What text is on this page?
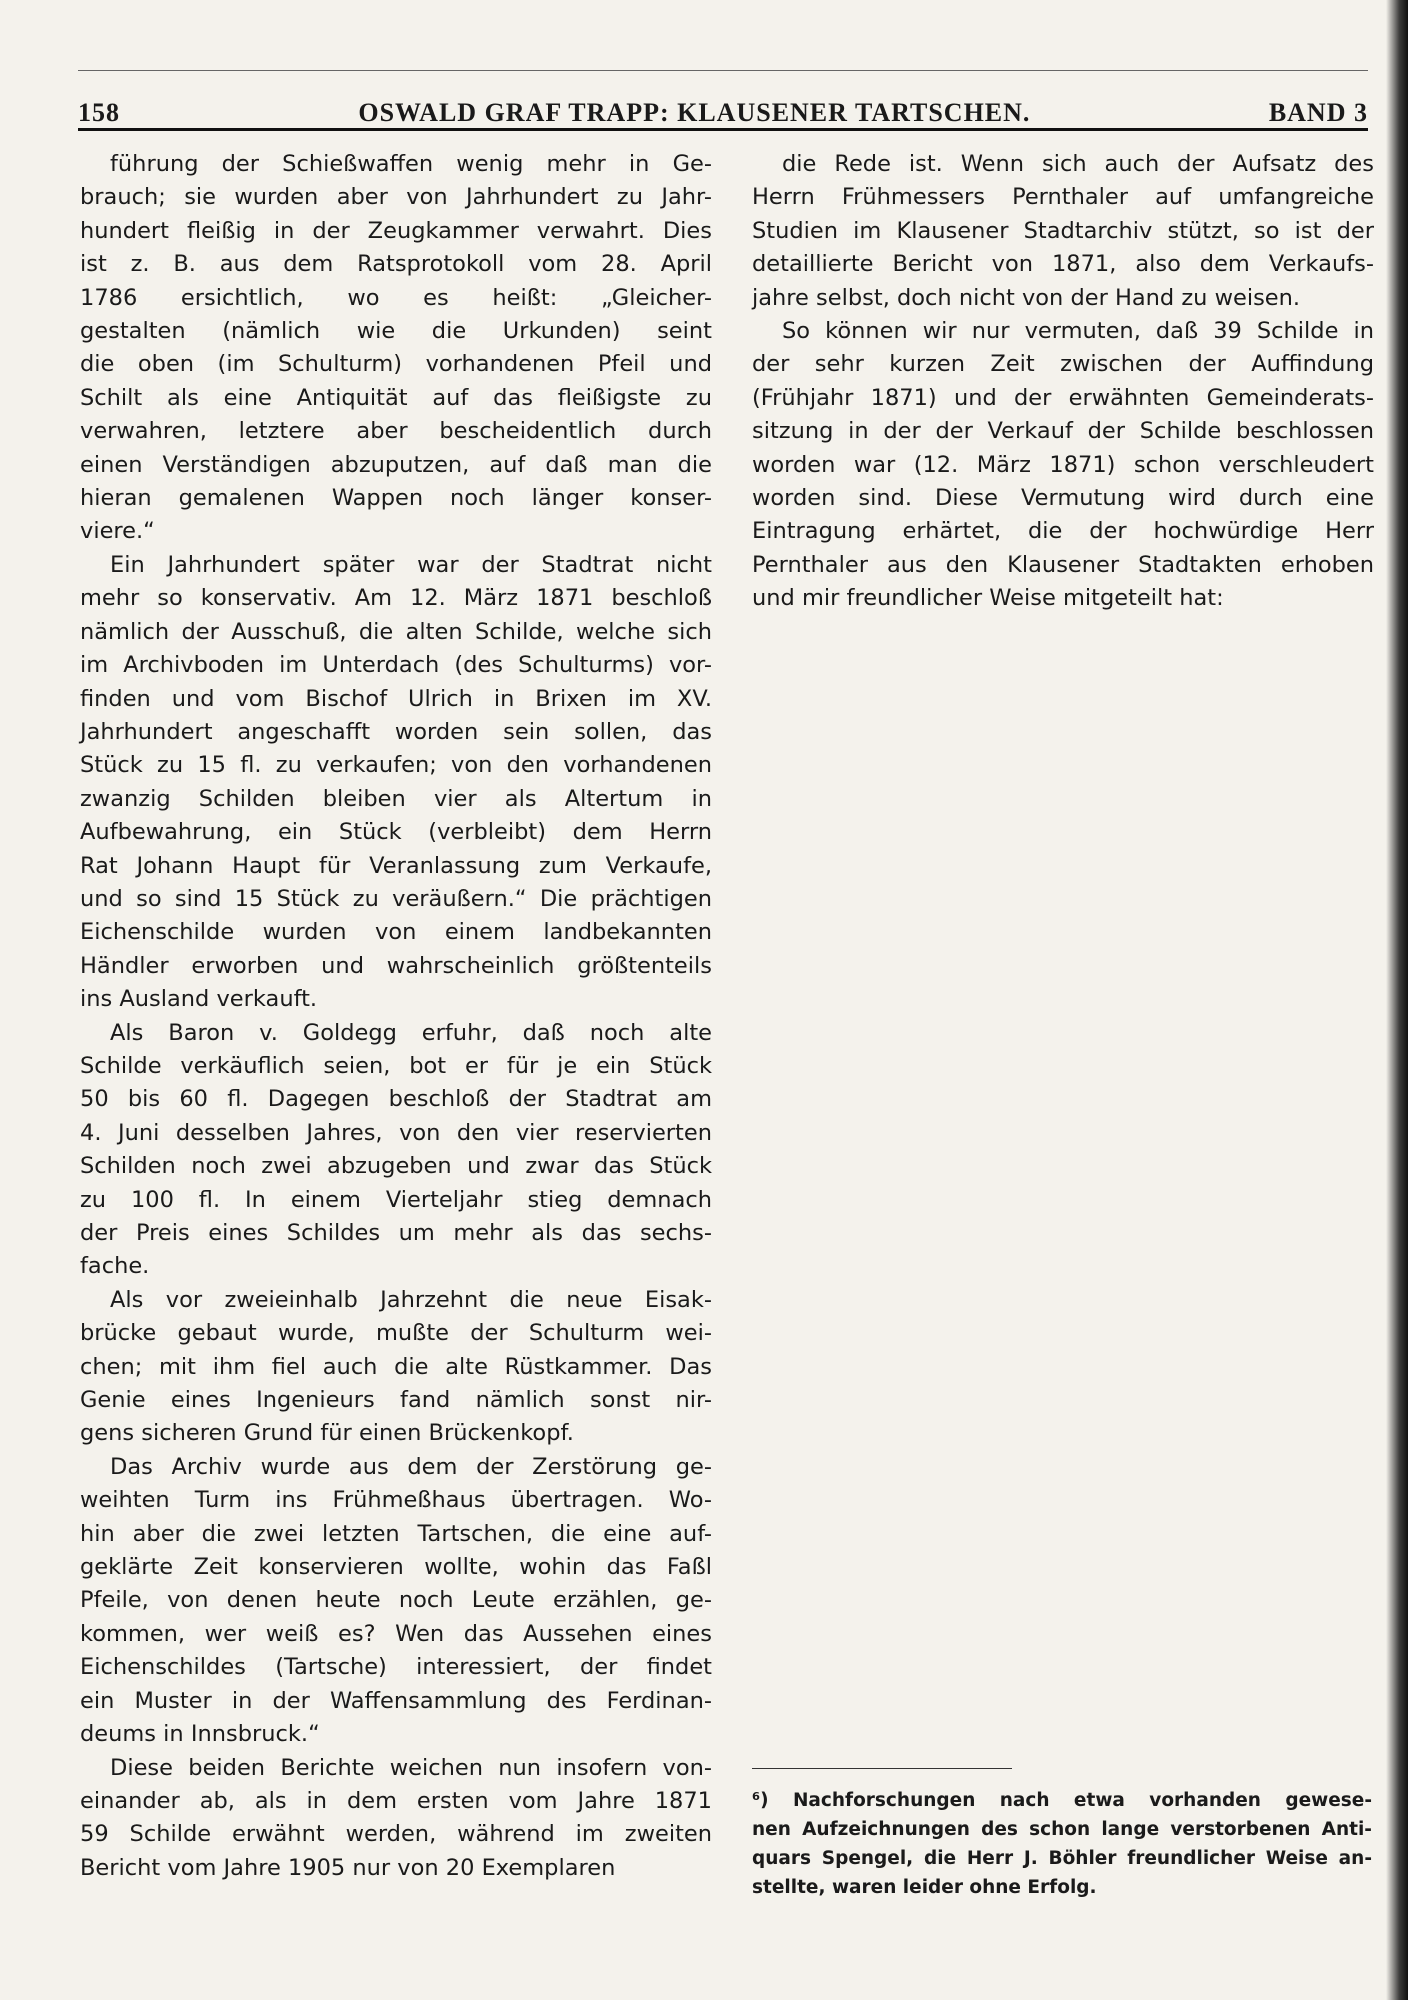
158	OSWALD GRAF TRAPP: KLAUSENER TARTSCHEN.	BAND 3

führung der Schießwaffen wenig mehr in Ge-
brauch; sie wurden aber von Jahrhundert zu Jahr-
hundert fleißig in der Zeugkammer verwahrt. Dies
ist z. B. aus dem Ratsprotokoll vom 28. April
1786 ersichtlich, wo es heißt: „Gleicher-
gestalten (nämlich wie die Urkunden) seint
die oben (im Schulturm) vorhandenen Pfeil und
Schilt als eine Antiquität auf das fleißigste zu
verwahren, letztere aber bescheidentlich durch
einen Verständigen abzuputzen, auf daß man die
hieran gemalenen Wappen noch länger konser-
viere.“

Ein Jahrhundert später war der Stadtrat nicht
mehr so konservativ. Am 12. März 1871 beschloß
nämlich der Ausschuß, die alten Schilde, welche sich
im Archivboden im Unterdach (des Schulturms) vor-
finden und vom Bischof Ulrich in Brixen im XV.
Jahrhundert angeschafft worden sein sollen, das
Stück zu 15 fl. zu verkaufen; von den vorhandenen
zwanzig Schilden bleiben vier als Altertum in
Aufbewahrung, ein Stück (verbleibt) dem Herrn
Rat Johann Haupt für Veranlassung zum Verkaufe,
und so sind 15 Stück zu veräußern.“ Die prächtigen
Eichenschilde wurden von einem landbekannten
Händler erworben und wahrscheinlich größtenteils
ins Ausland verkauft.

Als Baron v. Goldegg erfuhr, daß noch alte
Schilde verkäuflich seien, bot er für je ein Stück
50 bis 60 fl. Dagegen beschloß der Stadtrat am
4. Juni desselben Jahres, von den vier reservierten
Schilden noch zwei abzugeben und zwar das Stück
zu 100 fl. In einem Vierteljahr stieg demnach
der Preis eines Schildes um mehr als das sechs-
fache.

Als vor zweieinhalb Jahrzehnt die neue Eisak-
brücke gebaut wurde, mußte der Schulturm wei-
chen; mit ihm fiel auch die alte Rüstkammer. Das
Genie eines Ingenieurs fand nämlich sonst nir-
gens sicheren Grund für einen Brückenkopf.

Das Archiv wurde aus dem der Zerstörung ge-
weihten Turm ins Frühmeßhaus übertragen. Wo-
hin aber die zwei letzten Tartschen, die eine auf-
geklärte Zeit konservieren wollte, wohin das Faßl
Pfeile, von denen heute noch Leute erzählen, ge-
kommen, wer weiß es? Wen das Aussehen eines
Eichenschildes (Tartsche) interessiert, der findet
ein Muster in der Waffensammlung des Ferdinan-
deums in Innsbruck.“

Diese beiden Berichte weichen nun insofern von-
einander ab, als in dem ersten vom Jahre 1871
59 Schilde erwähnt werden, während im zweiten
Bericht vom Jahre 1905 nur von 20 Exemplaren

die Rede ist. Wenn sich auch der Aufsatz des
Herrn Frühmessers Pernthaler auf umfangreiche
Studien im Klausener Stadtarchiv stützt, so ist der
detaillierte Bericht von 1871, also dem Verkaufs-
jahre selbst, doch nicht von der Hand zu weisen.

So können wir nur vermuten, daß 39 Schilde in
der sehr kurzen Zeit zwischen der Auffindung
(Frühjahr 1871) und der erwähnten Gemeinderats-
sitzung in der der Verkauf der Schilde beschlossen
worden war (12. März 1871) schon verschleudert
worden sind. Diese Vermutung wird durch eine
Eintragung erhärtet, die der hochwürdige Herr
Pernthaler aus den Klausener Stadtakten erhoben
und mir freundlicher Weise mitgeteilt hat:

⁶) Nachforschungen nach etwa vorhanden gewese-
nen Aufzeichnungen des schon lange verstorbenen Anti-
quars Spengel, die Herr J. Böhler freundlicher Weise an-
stellte, waren leider ohne Erfolg.
